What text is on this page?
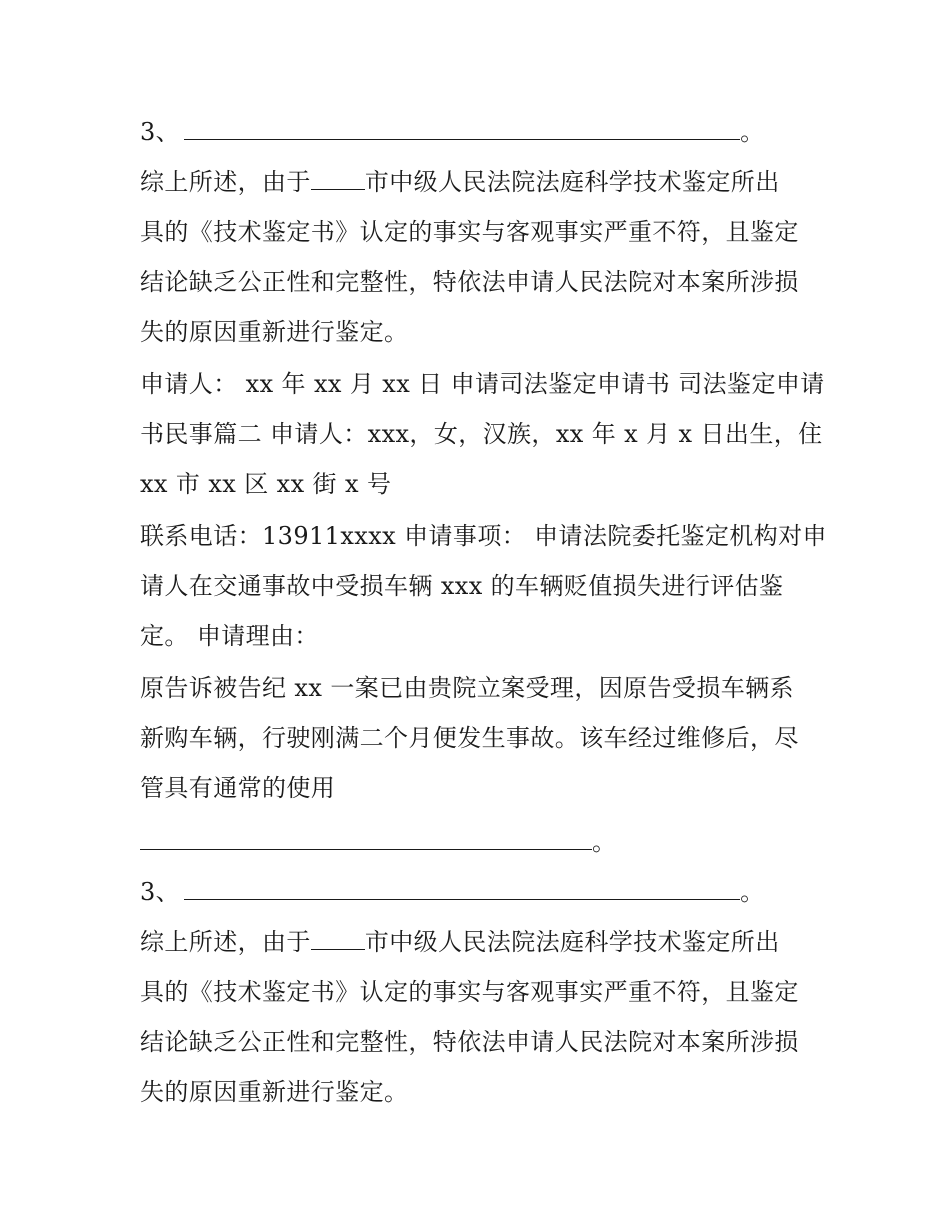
3、	。
综上所述，由于 市中级人民法院法庭科学技术鉴定所出
具的《技术鉴定书》认定的事实与客观事实严重不符，且鉴定
结论缺乏公正性和完整性，特依法申请人民法院对本案所涉损
失的原因重新进行鉴定。
申请人： xx 年 xx 月 xx 日 申请司法鉴定申请书 司法鉴定申请
书民事篇二 申请人：xxx，女，汉族，xx 年 x 月 x 日出生，住
xx 市 xx 区 xx 街 x 号
联系电话：13911xxxx 申请事项： 申请法院委托鉴定机构对申
请人在交通事故中受损车辆 xxx 的车辆贬值损失进行评估鉴
定。 申请理由：
原告诉被告纪 xx 一案已由贵院立案受理，因原告受损车辆系
新购车辆，行驶刚满二个月便发生事故。该车经过维修后，尽
管具有通常的使用
。
3、	。
综上所述，由于 市中级人民法院法庭科学技术鉴定所出
具的《技术鉴定书》认定的事实与客观事实严重不符，且鉴定
结论缺乏公正性和完整性，特依法申请人民法院对本案所涉损
失的原因重新进行鉴定。
